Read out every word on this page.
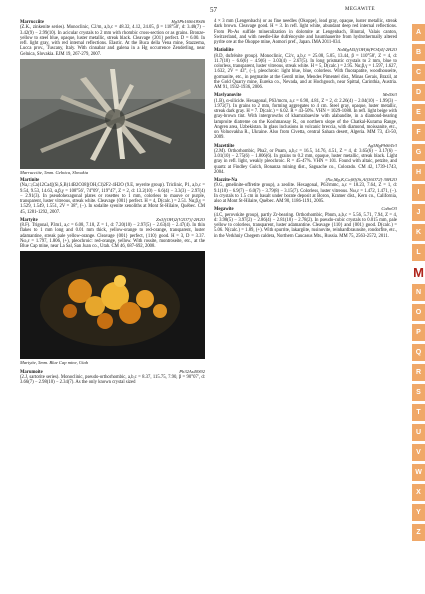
57	MEGAWITE
Marrucciite	Hg3Pb16Sb18S46

(Z.K., zinkenite series). Monoclinic, C2/m, a,b,c = 48.32, 4.12, 24.05, β = 118°50′, d: 3.48(7) − 3.42(9) − 2.99(10). In acicular crystals to 2 mm with rhombic cross-section or as grains. Bronze-yellow to steel blue, opaque, luster metallic, streak black. Cleavage {201} perfect. D = 6.00. In refl. light gray, with red internal reflections. Elastic. At the Buca della Vena mine, Stazzema, Lucca prov., Tuscany, Italy. With cinnabar and galena in a Hg occurrence Zenderling, near Gelnica, Slovakia. EJM 19, 267-279, 2007.

Marrucciite, 5mm. Gelnica, Slovakia
Martinite

(Na,□,Ca)12Ca4[(Si,S,B)14B2O38](OH,Cl)2F2·4H2O (9.E, reyerite group). Triclinic, P1, a,b,c = 9.54, 9.53, 14.63, α,β,γ = 108°56′, 74°09′, 119°47′, Z = 2, d: 13.2(10) − 6.6(4) − 3.3(3) − 2.97(4) − 2.91(3). In pseudohexagonal plates or rosettes to 1 mm, colorless to mauve or purple, transparent, luster vitreous, streak white. Cleavage {001} perfect. H = 4, D(calc.) = 2.51. Nα,β,γ = 1.529, 1.549, 1.551, 2V = 38°, (−). In sodalite syenite xenoliths at Mont St-Hilaire, Québec. CM 45, 1281-1292, 2007.

Martyite	Zn3[(OH)2(V2O7)]·2H2O

(8.F). Trigonal, P3m1, a,c = 6.08, 7.18, Z = 1, d: 7.20(10) − 2.97(5) − 2.63(4) − 2.47(4). In thin flakes to 1 mm long and 0.01 mm thick, yellow-orange to red-orange, transparent, luster adamantine, streak pale yellow-orange. Cleavage {001} perfect, {110} good. H = 3, D = 3.37. Nω,ε = 1.797, 1.806, (+), pleochroic: red-orange, yellow. With rossite, montroseite, etc., at the Blue Cap mine, near La Sal, San Juan co., Utah. CM 46, 687-692, 2008.

Martyite, 5mm. Blue Cap mine, Utah
Marumoite	Pb32As40S92

(2.J, sartorite series). Monoclinic, pseudo-orthorhombic, a,b,c = 8.37, 115.75, 7.90, β = 90°07′, d: 3.66(7) − 2.98(10) − 2.34(7). As the only known crystal sized

4 × 3 mm (Lengenbach) or as fine needles (Okoppe), lead gray, opaque, luster metallic, streak dark brown. Cleavage good. H = 3. In refl. light white, abundant deep red internal reflections. From Pb-As sulfide mineralization in dolomite at Lengenbach, Binntal, Valais canton, Switzerland, and with needle-like dufrénoysite and baumhauerite from hydrothermally altered pyrite ore at the Okoppe mine, Aomori pref., Japan. IMA 2011-034.

Matioliite	NaMgAl5[(OH)6(PO4)4]·2H2O

(8.D, dufrénite group). Monoclinic, C2/c, a,b,c = 25.08, 5.05, 13.44, β = 110°58′, Z = 4, d: 11.7(10) − 6.6(6) − 4.9(6) − 3.03(4) − 2.67(5). In long prismatic crystals to 2 mm, blue to colorless, transparent, luster vitreous, streak white. H = 5, D(calc.) = 2.95. Nα,β,γ = 1.597, 1.627, 1.632, 2V = 43°, (−), pleochroic: light blue, blue, colorless. With fluorapatite, woodhouseite, gormanite, etc., in pegmatite at the Gentil mine, Mendes Pimentel dist., Minas Gerais, Brazil, at the Gold Quarry mine, Eureka co., Nevada, and at Hochgosch, near Spittal, Carinthia, Austria. AM 91, 1932-1936, 2006.

Mavlyanovite	Mn5Si3

(1.B), α-silicide. Hexagonal, P63/mcm, a,c = 6.90, 4.81, Z = 2, d: 2.26(4) − 2.04(10) − 1.99(3) − 1.972(7). In grains to 2 mm, forming aggregates to 4 cm. Steel gray, opaque, luster metallic, streak dark gray. H = 7. D(calc.) = 6.02. R = 43-50%. VHN = 1029-1088. In refl. light beige with gray-brown tint. With intergrowths of khamrabaevite with alabandite, in a diamond-bearing lamproite diatreme on the Koshmansay R., on northern slope of the Chatkal-Kurama Range, Angren area, Uzbekistan. In glass inclusions in volcanic breccia, with diamond, moissanite, etc., on Volnovakha R., Ukraine. Also from Civetta, central Sahara desert, Algeria. MM 73, 43-50, 2009.

Mazettiite	Ag3HgPbSbTe3

(2.M). Orthorhombic, Pba2, or Pnam, a,b,c = 16.5, 14.76, 4.51, Z = 4, d: 3.65(6) − 3.17(6) − 3.01(10) − 2.75(6) − 1.806(6). In grains to 0.2 mm, opaque, luster metallic, streak black. Light gray in refl. light, weakly pleochroic. R = 45-47%. VHN = 101. Found with altaic, petzite, and quartz at Findley Gulch, Bonanza mining dist., Saguache co., Colorado. CM 42, 1739-1743, 2004.

Mazzite-Na	(Na,Mg,K,Ca)8[(Si,Al)36O72]·30H2O

(9.G, gmelinite-offretite group), a zeolite. Hexagonal, P63/mmc, a,c = 18.23, 7.64, Z = 1, d: 9.1(10) − 6.9(7) − 6.0(7) − 3.79(8) − 3.15(7). Colorless, luster vitreous. Nω,ε = 1.472, 1.471, (−). In crystals to 1.5 cm in basalt under borate deposit at Boron, Kramer dist., Kern co., California, also at Mont St-Hilaire, Québec. AM 90, 1186-1191, 2005.

Megawite	CaSnO3

(4.C, perovskite group), partly Zr-bearing. Orthorhombic, Pbnm, a,b,c = 5.56, 5.71, 7.94, Z = 4, d: 3.98(5) − 3.97(2) − 2.86(4) − 2.81(10) − 2.78(2). In pseudo-cubic crystals to 0.015 mm, pale yellow to colorless, transparent, luster adamantine. Cleavage {110} and {001} good. D(calc.) = 5.06. N(calc.) = 1.89, (+). With spurrite, lakargiite, rusinovite, reinhardbraunsite, rondorfite, etc., in the Verkhniy Chegem caldera, Northern Caucasus Mts., Russia. MM 75, 2563-2572, 2011.

A
B
C
D
E
F
G
H
I
J
K
L
M
N
O
P
Q
R
S
T
U
V
W
X
Y
Z
